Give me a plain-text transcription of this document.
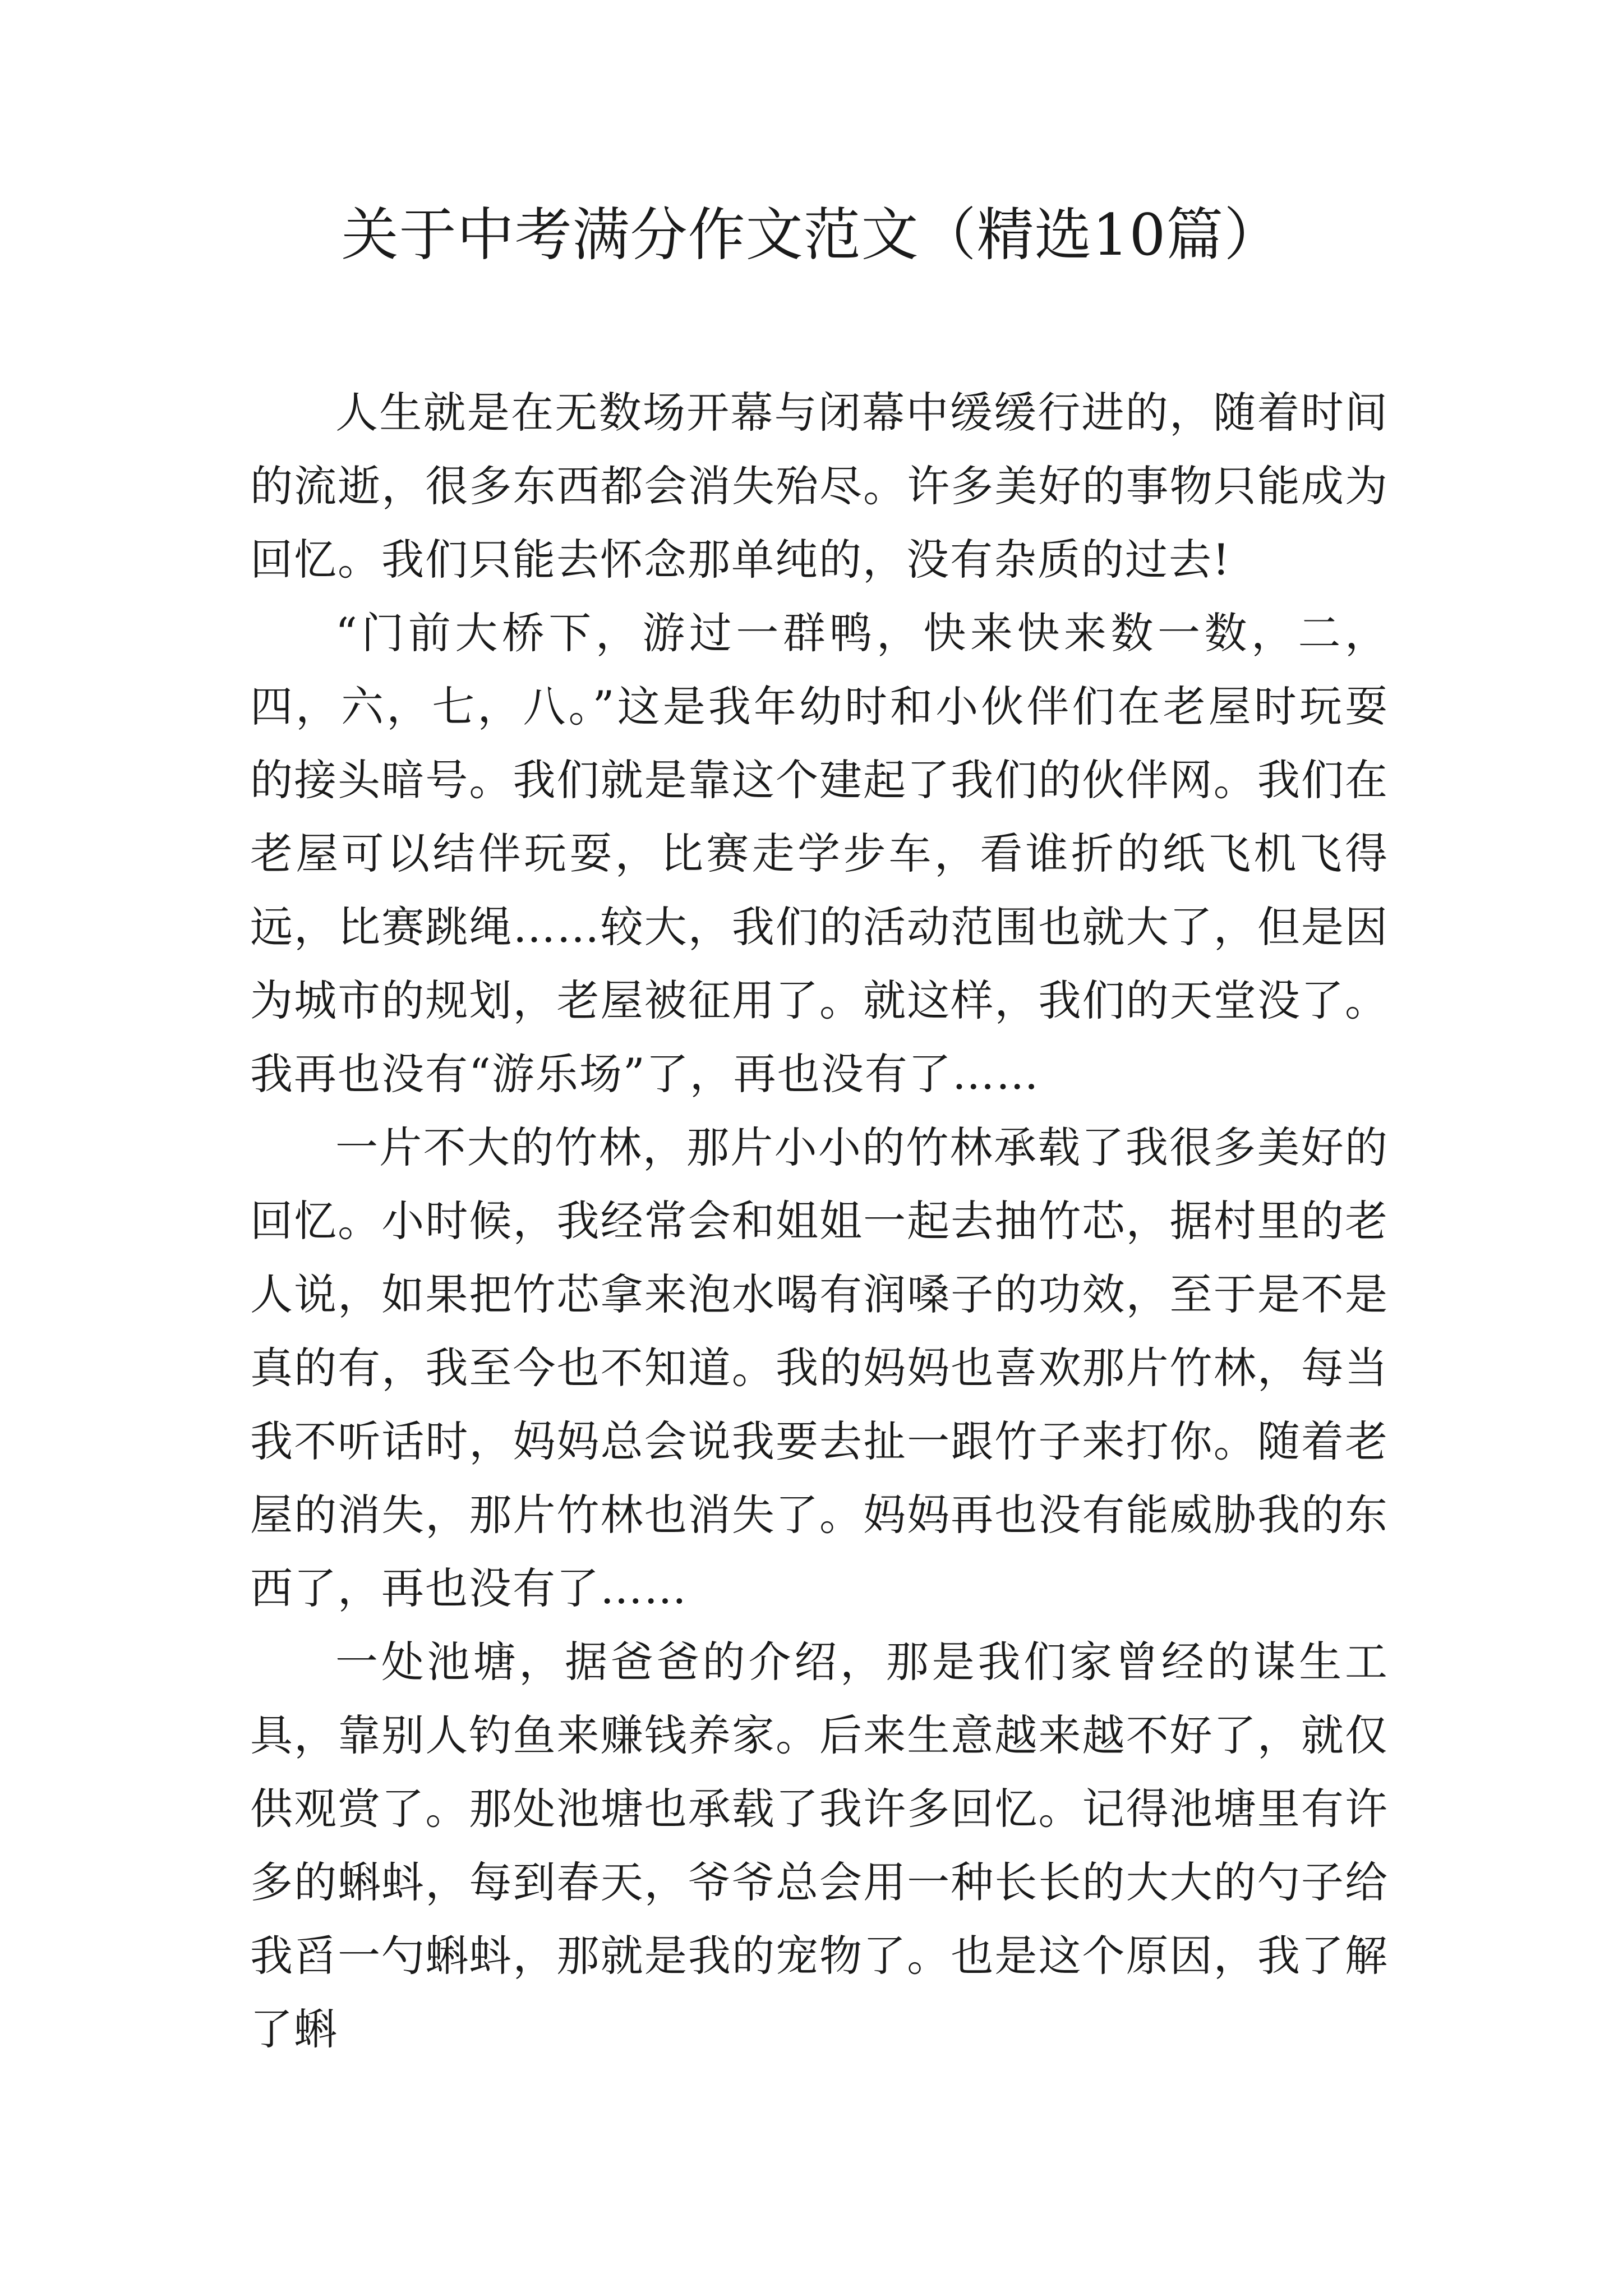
关于中考满分作文范文（精选10篇）

人生就是在无数场开幕与闭幕中缓缓行进的，随着时间的流逝，很多东西都会消失殆尽。许多美好的事物只能成为回忆。我们只能去怀念那单纯的，没有杂质的过去!

“门前大桥下，游过一群鸭，快来快来数一数，二，四，六，七，八。”这是我年幼时和小伙伴们在老屋时玩耍的接头暗号。我们就是靠这个建起了我们的伙伴网。我们在老屋可以结伴玩耍，比赛走学步车，看谁折的纸飞机飞得远，比赛跳绳……较大，我们的活动范围也就大了，但是因为城市的规划，老屋被征用了。就这样，我们的天堂没了。我再也没有“游乐场”了，再也没有了……

一片不大的竹林，那片小小的竹林承载了我很多美好的回忆。小时候，我经常会和姐姐一起去抽竹芯，据村里的老人说，如果把竹芯拿来泡水喝有润嗓子的功效，至于是不是真的有，我至今也不知道。我的妈妈也喜欢那片竹林，每当我不听话时，妈妈总会说我要去扯一跟竹子来打你。随着老屋的消失，那片竹林也消失了。妈妈再也没有能威胁我的东西了，再也没有了……

一处池塘，据爸爸的介绍，那是我们家曾经的谋生工具，靠别人钓鱼来赚钱养家。后来生意越来越不好了，就仅供观赏了。那处池塘也承载了我许多回忆。记得池塘里有许多的蝌蚪，每到春天，爷爷总会用一种长长的大大的勺子给我舀一勺蝌蚪，那就是我的宠物了。也是这个原因，我了解了蝌
